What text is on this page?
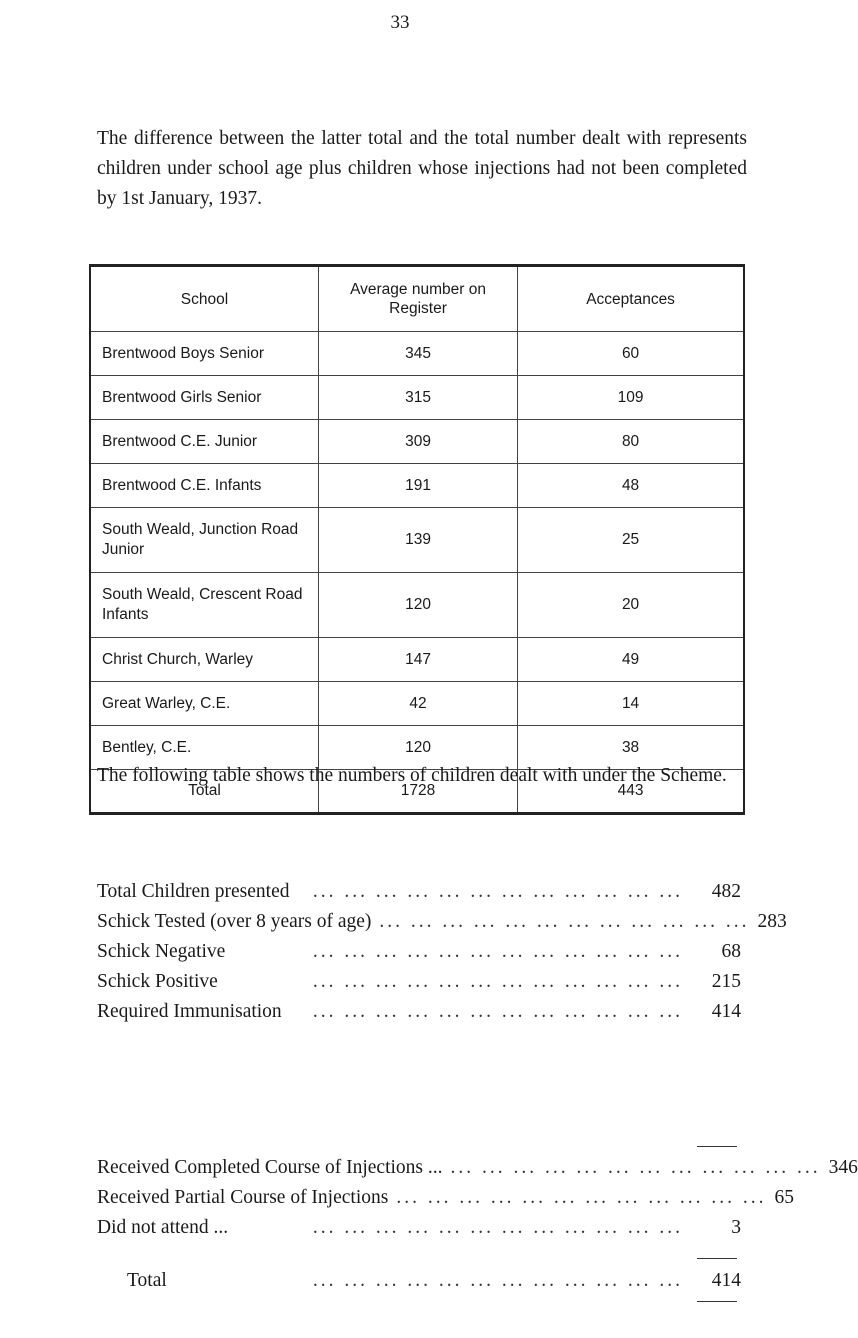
33

The difference between the latter total and the total number dealt with represents children under school age plus children whose injections had not been completed by 1st January, 1937.

School	Average number on Register	Acceptances
Brentwood Boys Senior	345	60
Brentwood Girls Senior	315	109
Brentwood C.E. Junior	309	80
Brentwood C.E. Infants	191	48
South Weald, Junction Road Junior	139	25
South Weald, Crescent Road Infants	120	20
Christ Church, Warley	147	49
Great Warley, C.E.	42	14
Bentley, C.E.	120	38
Total	1728	443

The following table shows the numbers of children dealt with under the Scheme.

Total Children presented	... ... ... ... ... ... ... ... ... ... ... ...	482
Schick Tested (over 8 years of age) ... ... ... ... ... ... ... ... ... ... ... ... 283
Schick Negative	... ... ... ... ... ... ... ... ... ... ... ...	68
Schick Positive	... ... ... ... ... ... ... ... ... ... ... ...	215
Required Immunisation	... ... ... ... ... ... ... ... ... ... ... ...	414
Received Completed Course of Injections ... ... ... ... ... ... ... ... ... ... ... ... ... 346
Received Partial Course of Injections ... ... ... ... ... ... ... ... ... ... ... ... 65
Did not attend ...	... ... ... ... ... ... ... ... ... ... ... ...	3
Total	... ... ... ... ... ... ... ... ... ... ... ...	414
